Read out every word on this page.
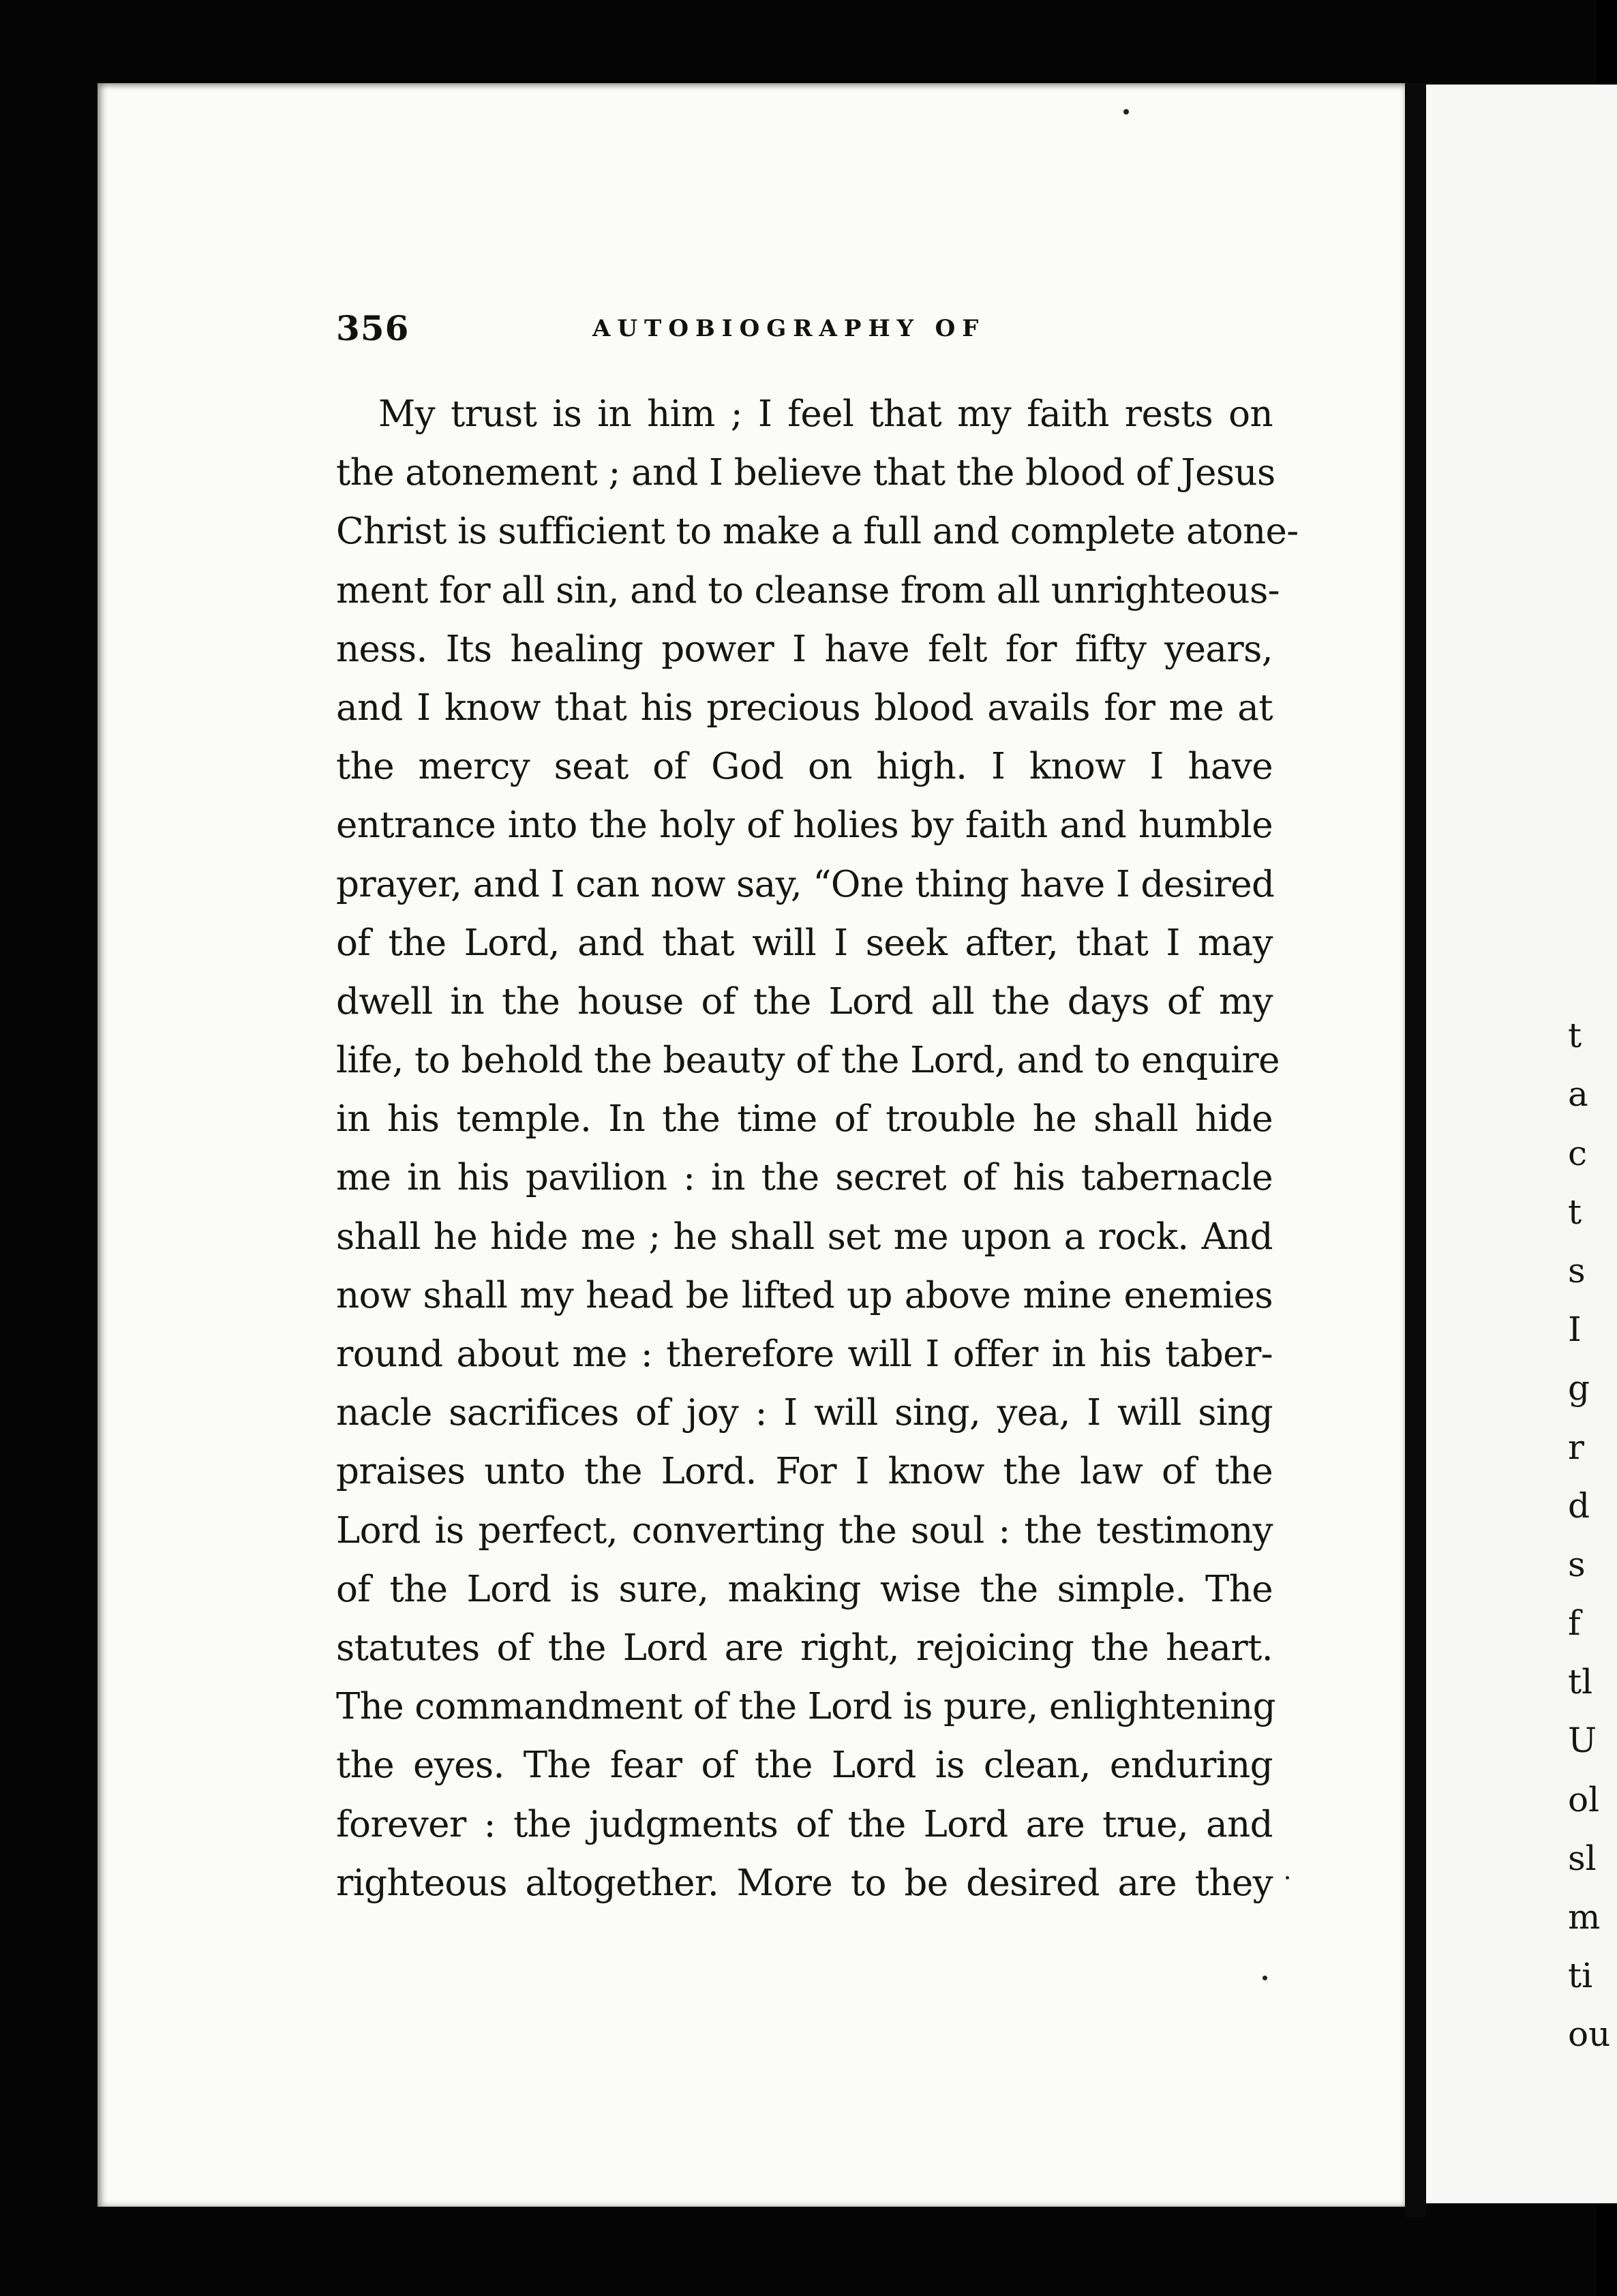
356	AUTOBIOGRAPHY OF
My trust is in him ; I feel that my faith rests on
the atonement ; and I believe that the blood of Jesus
Christ is sufficient to make a full and complete atone-
ment for all sin, and to cleanse from all unrighteous-
ness. Its healing power I have felt for fifty years,
and I know that his precious blood avails for me at
the mercy seat of God on high. I know I have
entrance into the holy of holies by faith and humble
prayer, and I can now say, “One thing have I desired
of the Lord, and that will I seek after, that I may
dwell in the house of the Lord all the days of my
life, to behold the beauty of the Lord, and to enquire
in his temple. In the time of trouble he shall hide
me in his pavilion : in the secret of his tabernacle
shall he hide me ; he shall set me upon a rock. And
now shall my head be lifted up above mine enemies
round about me : therefore will I offer in his taber-
nacle sacrifices of joy : I will sing, yea, I will sing
praises unto the Lord. For I know the law of the
Lord is perfect, converting the soul : the testimony
of the Lord is sure, making wise the simple. The
statutes of the Lord are right, rejoicing the heart.
The commandment of the Lord is pure, enlightening
the eyes. The fear of the Lord is clean, enduring
forever : the judgments of the Lord are true, and
righteous altogether. More to be desired are they
t
a
c
t
s
I
g
r
d
s
f
tl
U
ol
sl
m
ti
ou
